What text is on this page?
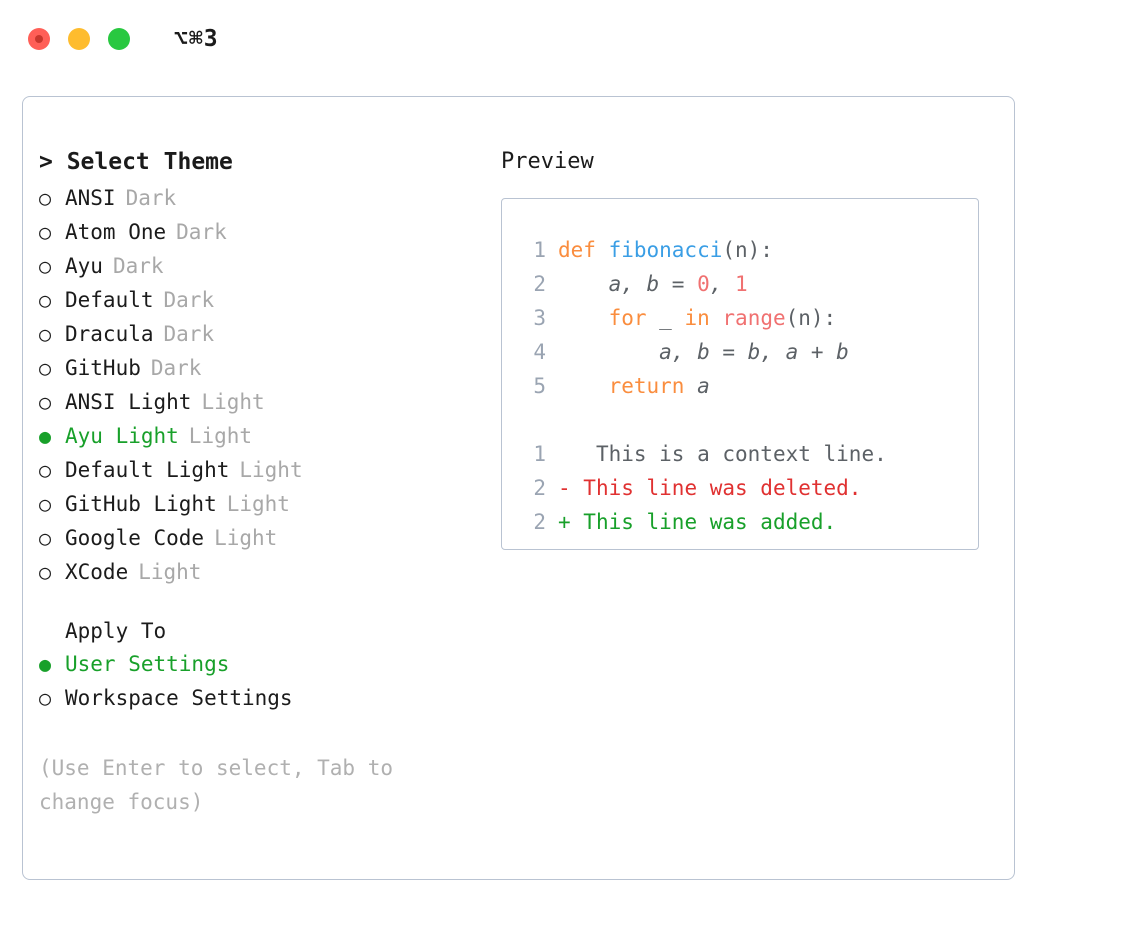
⌥⌘3
> Select Theme
○ ANSI Dark
○ Atom One Dark
○ Ayu Dark
○ Default Dark
○ Dracula Dark
○ GitHub Dark
○ ANSI Light Light
● Ayu Light Light
○ Default Light Light
○ GitHub Light Light
○ Google Code Light
○ XCode Light
Apply To
● User Settings
○ Workspace Settings
(Use Enter to select, Tab to change focus)
Preview
1 def fibonacci(n):
2    a, b = 0, 1
3	for _ in range(n):
4        a, b = b, a + b
5	return a
1   This is a context line.
2 - This line was deleted.
2 + This line was added.
